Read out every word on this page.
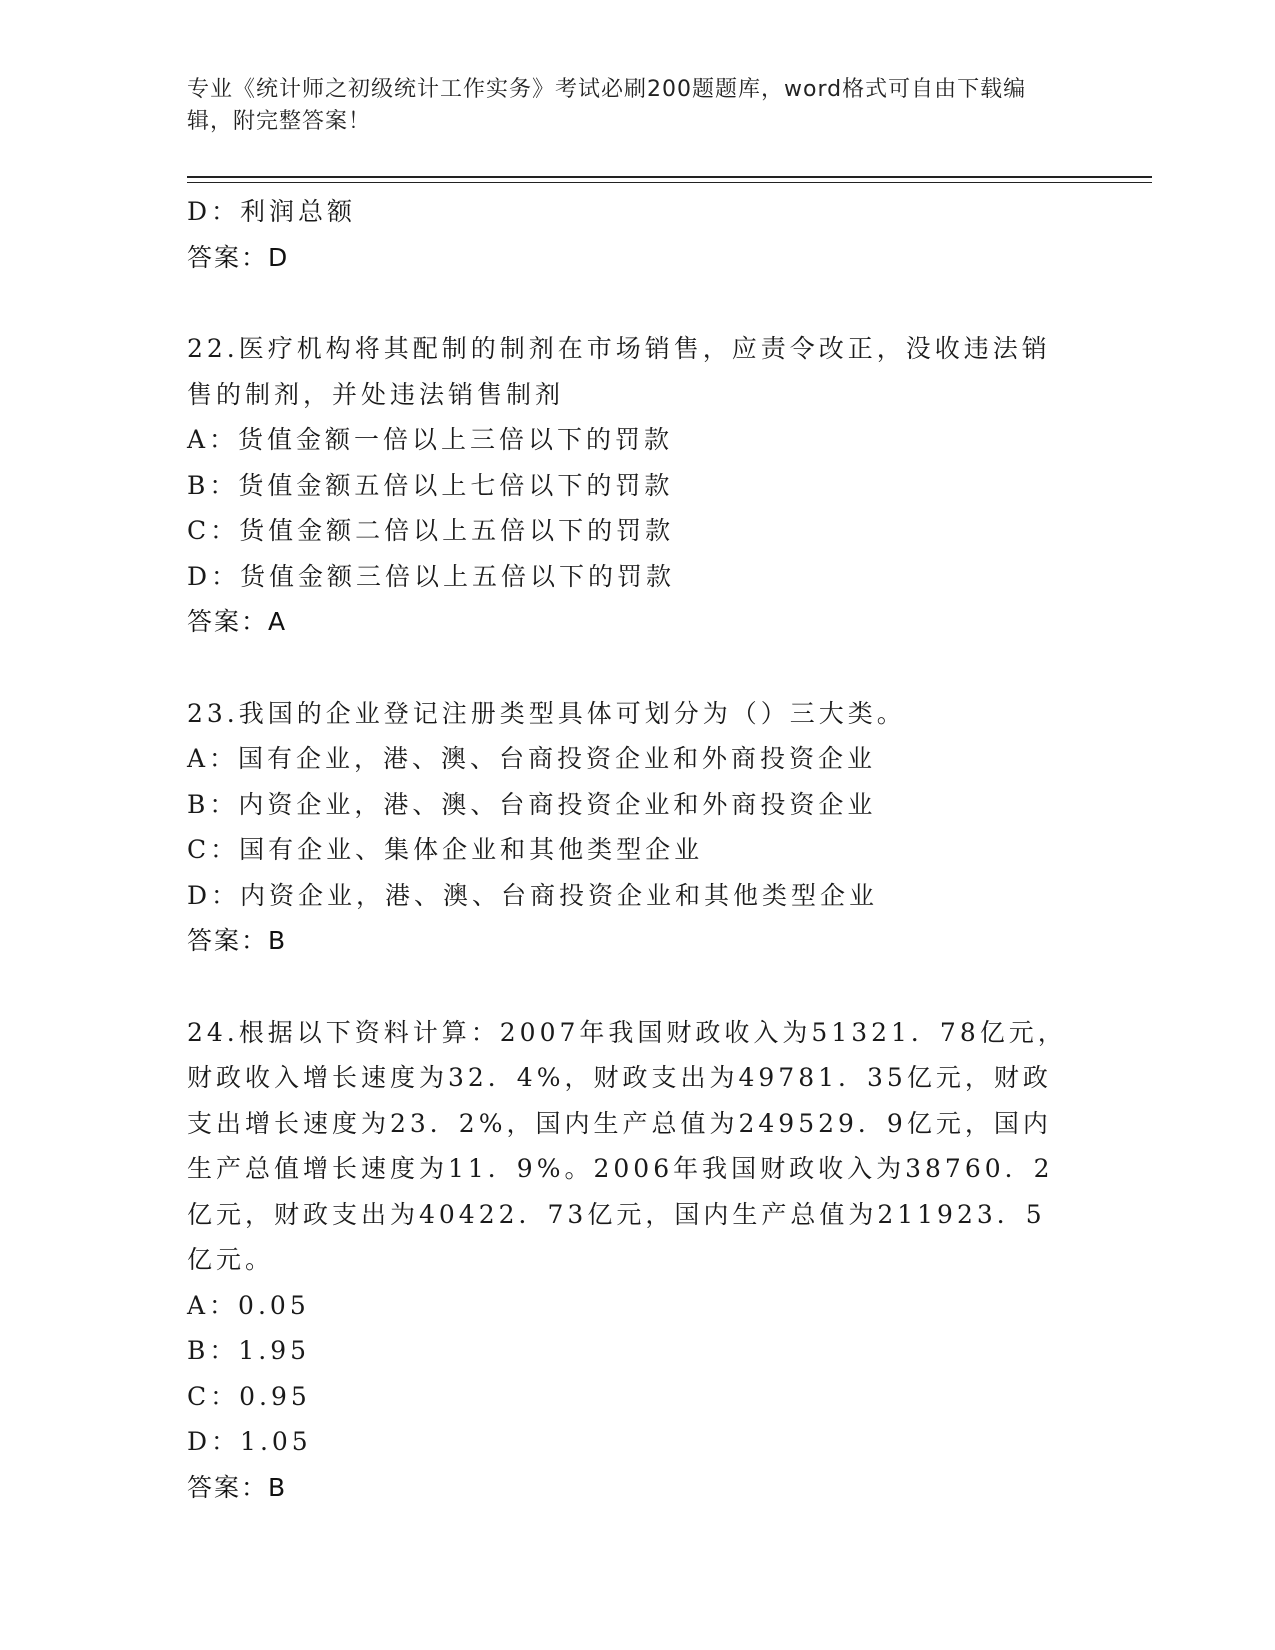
专业《统计师之初级统计工作实务》考试必刷200题题库，word格式可自由下载编辑，附完整答案！
D：利润总额
答案：D
22.医疗机构将其配制的制剂在市场销售，应责令改正，没收违法销售的制剂，并处违法销售制剂
A：货值金额一倍以上三倍以下的罚款
B：货值金额五倍以上七倍以下的罚款
C：货值金额二倍以上五倍以下的罚款
D：货值金额三倍以上五倍以下的罚款
答案：A
23.我国的企业登记注册类型具体可划分为（）三大类。
A：国有企业，港、澳、台商投资企业和外商投资企业
B：内资企业，港、澳、台商投资企业和外商投资企业
C：国有企业、集体企业和其他类型企业
D：内资企业，港、澳、台商投资企业和其他类型企业
答案：B
24.根据以下资料计算：2007年我国财政收入为51321．78亿元，财政收入增长速度为32．4%，财政支出为49781．35亿元，财政支出增长速度为23．2%，国内生产总值为249529．9亿元，国内生产总值增长速度为11．9%。2006年我国财政收入为38760．2亿元，财政支出为40422．73亿元，国内生产总值为211923．5亿元。
A：0.05
B：1.95
C：0.95
D：1.05
答案：B
